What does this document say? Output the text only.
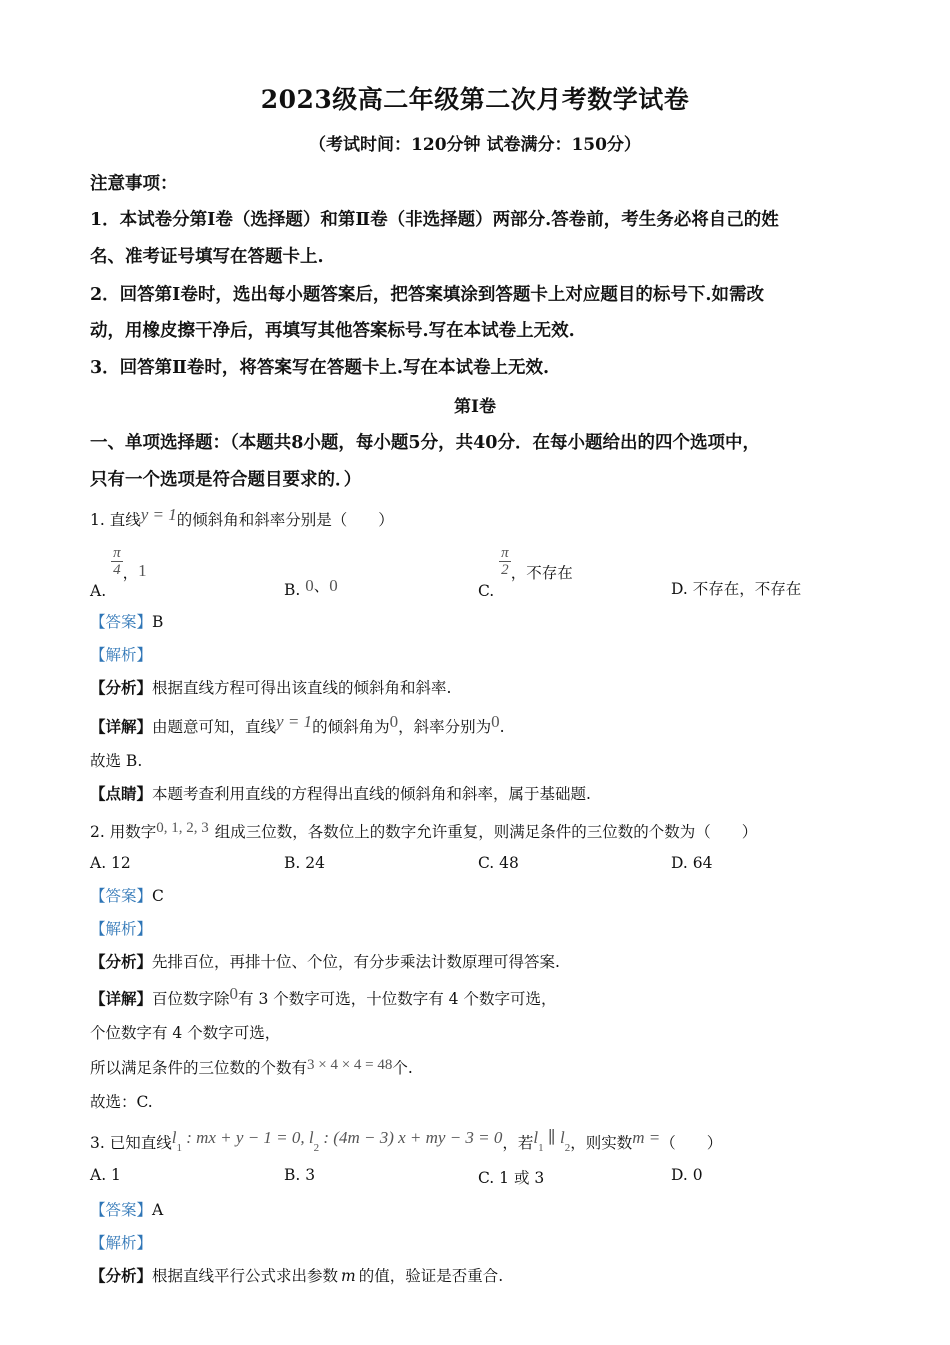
2023级高二年级第二次月考数学试卷
（考试时间：120分钟 试卷满分：150分）
注意事项：
1．本试卷分第Ⅰ卷（选择题）和第Ⅱ卷（非选择题）两部分.答卷前，考生务必将自己的姓
名、准考证号填写在答题卡上.
2．回答第Ⅰ卷时，选出每小题答案后，把答案填涂到答题卡上对应题目的标号下.如需改
动，用橡皮擦干净后，再填写其他答案标号.写在本试卷上无效.
3．回答第Ⅱ卷时，将答案写在答题卡上.写在本试卷上无效.
第Ⅰ卷
一、单项选择题：（本题共8小题，每小题5分，共40分．在每小题给出的四个选项中，
只有一个选项是符合题目要求的．）
1. 直线y = 1的倾斜角和斜率分别是（　　）
A.
$\frac{\pi}{4}$ ，1
B. 0、0	C.
$\frac{\pi}{2}$ ，不存在
D. 不存在，不存在
【答案】B
【解析】
【分析】根据直线方程可得出该直线的倾斜角和斜率.
【详解】由题意可知，直线y = 1的倾斜角为0，斜率分别为0.
故选 B.
【点睛】本题考查利用直线的方程得出直线的倾斜角和斜率，属于基础题.
2. 用数字0, 1, 2, 3 组成三位数，各数位上的数字允许重复，则满足条件的三位数的个数为（　　）
A. 12	B. 24	C. 48	D. 64
【答案】C
【解析】
【分析】先排百位，再排十位、个位，有分步乘法计数原理可得答案.
【详解】百位数字除0有 3 个数字可选，十位数字有 4 个数字可选，
个位数字有 4 个数字可选，
所以满足条件的三位数的个数有3 × 4 × 4 = 48个.
故选：C.
3. 已知直线$l_1$ : mx + y − 1 = 0, $l_2$ : (4m − 3) x + my − 3 = 0，若$l_1$ ∥ $l_2$，则实数m =（　　）
A. 1	B. 3	C. 1 或 3	D. 0
【答案】A
【解析】
【分析】根据直线平行公式求出参数 m 的值，验证是否重合.
